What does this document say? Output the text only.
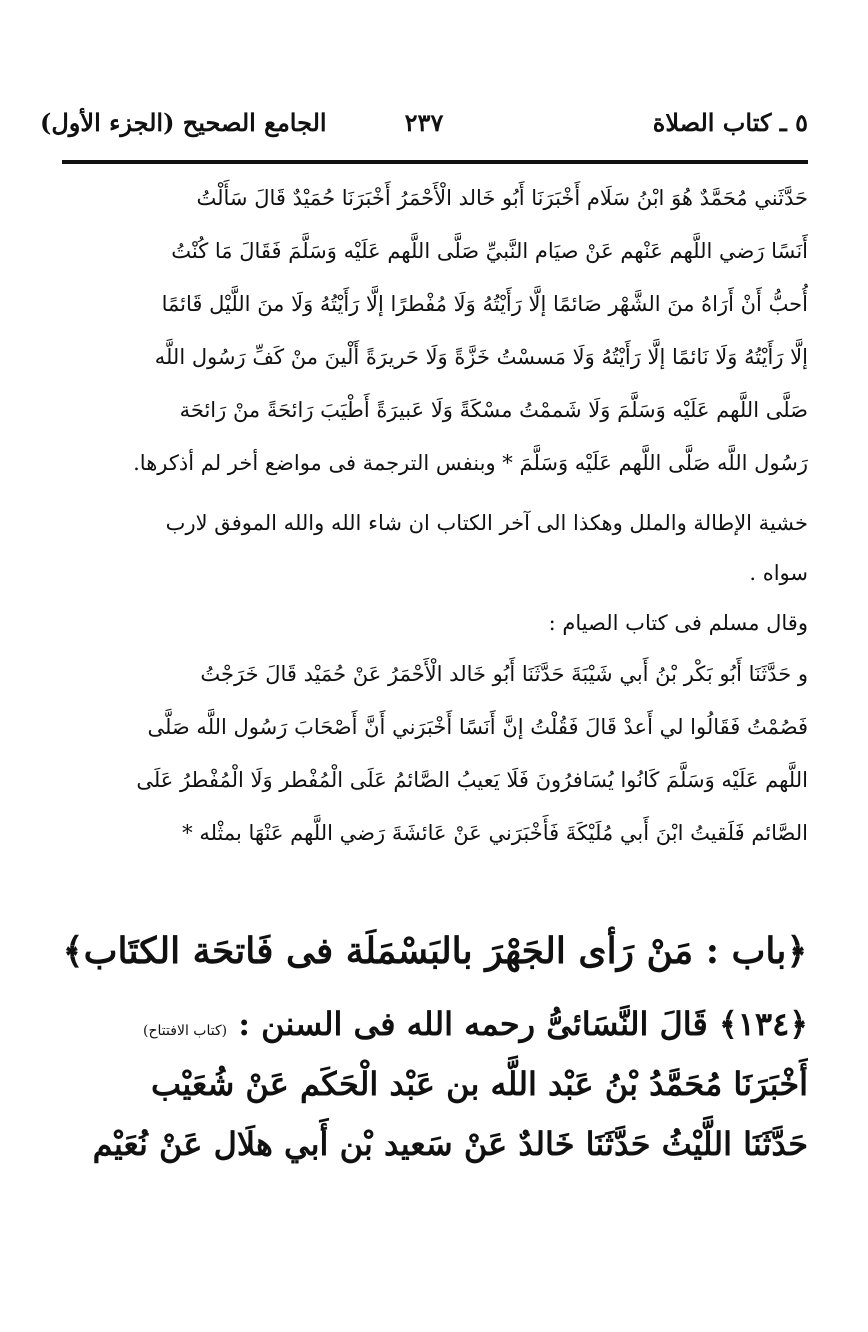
٥ ـ كتاب الصلاة
٢٣٧
الجامع الصحيح (الجزء الأول)
حَدَّثَني مُحَمَّدٌ هُوَ ابْنُ سَلَام أَخْبَرَنَا أَبُو خَالد الْأَحْمَرُ أَخْبَرَنَا حُمَيْدٌ قَالَ سَأَلْتُ
أَنَسًا رَضي اللَّهم عَنْهم عَنْ صيَام النَّبيِّ صَلَّى اللَّهم عَلَيْه وَسَلَّمَ فَقَالَ مَا كُنْتُ
أُحبُّ أَنْ أَرَاهُ منَ الشَّهْر صَائمًا إلَّا رَأَيْتُهُ وَلَا مُفْطرًا إلَّا رَأَيْتُهُ وَلَا منَ اللَّيْل قَائمًا
إلَّا رَأَيْتُهُ وَلَا نَائمًا إلَّا رَأَيْتُهُ وَلَا مَسسْتُ خَزَّةً وَلَا حَريرَةً أَلْينَ منْ كَفِّ رَسُول اللَّه
صَلَّى اللَّهم عَلَيْه وَسَلَّمَ وَلَا شَممْتُ مسْكَةً وَلَا عَبيرَةً أَطْيَبَ رَائحَةً منْ رَائحَة
رَسُول اللَّه صَلَّى اللَّهم عَلَيْه وَسَلَّمَ * وبنفس الترجمة فى مواضع أخر لم أذكرها.
خشية الإطالة والملل وهكذا الى آخر الكتاب ان شاء الله والله الموفق لارب
سواه .
وقال مسلم فى كتاب الصيام :
و حَدَّثَنَا أَبُو بَكْر بْنُ أَبي شَيْبَةَ حَدَّثَنَا أَبُو خَالد الْأَحْمَرُ عَنْ حُمَيْد قَالَ خَرَجْتُ
فَصُمْتُ فَقَالُوا لي أَعدْ قَالَ فَقُلْتُ إنَّ أَنَسًا أَخْبَرَني أَنَّ أَصْحَابَ رَسُول اللَّه صَلَّى
اللَّهم عَلَيْه وَسَلَّمَ كَانُوا يُسَافرُونَ فَلَا يَعيبُ الصَّائمُ عَلَى الْمُفْطر وَلَا الْمُفْطرُ عَلَى
الصَّائم فَلَقيتُ ابْنَ أَبي مُلَيْكَةَ فَأَخْبَرَني عَنْ عَائشَةَ رَضي اللَّهم عَنْهَا بمثْله *
﴿باب : مَنْ رَأى الجَهْرَ بالبَسْمَلَة فى فَاتحَة الكتَاب﴾
﴿١٣٤﴾ قَالَ النَّسَائىُّ رحمه الله فى السنن : (كتاب الافتتاح)
أَخْبَرَنَا مُحَمَّدُ بْنُ عَبْد اللَّه بن عَبْد الْحَكَم عَنْ شُعَيْب
حَدَّثَنَا اللَّيْثُ حَدَّثَنَا خَالدٌ عَنْ سَعيد بْن أَبي هلَال عَنْ نُعَيْم
